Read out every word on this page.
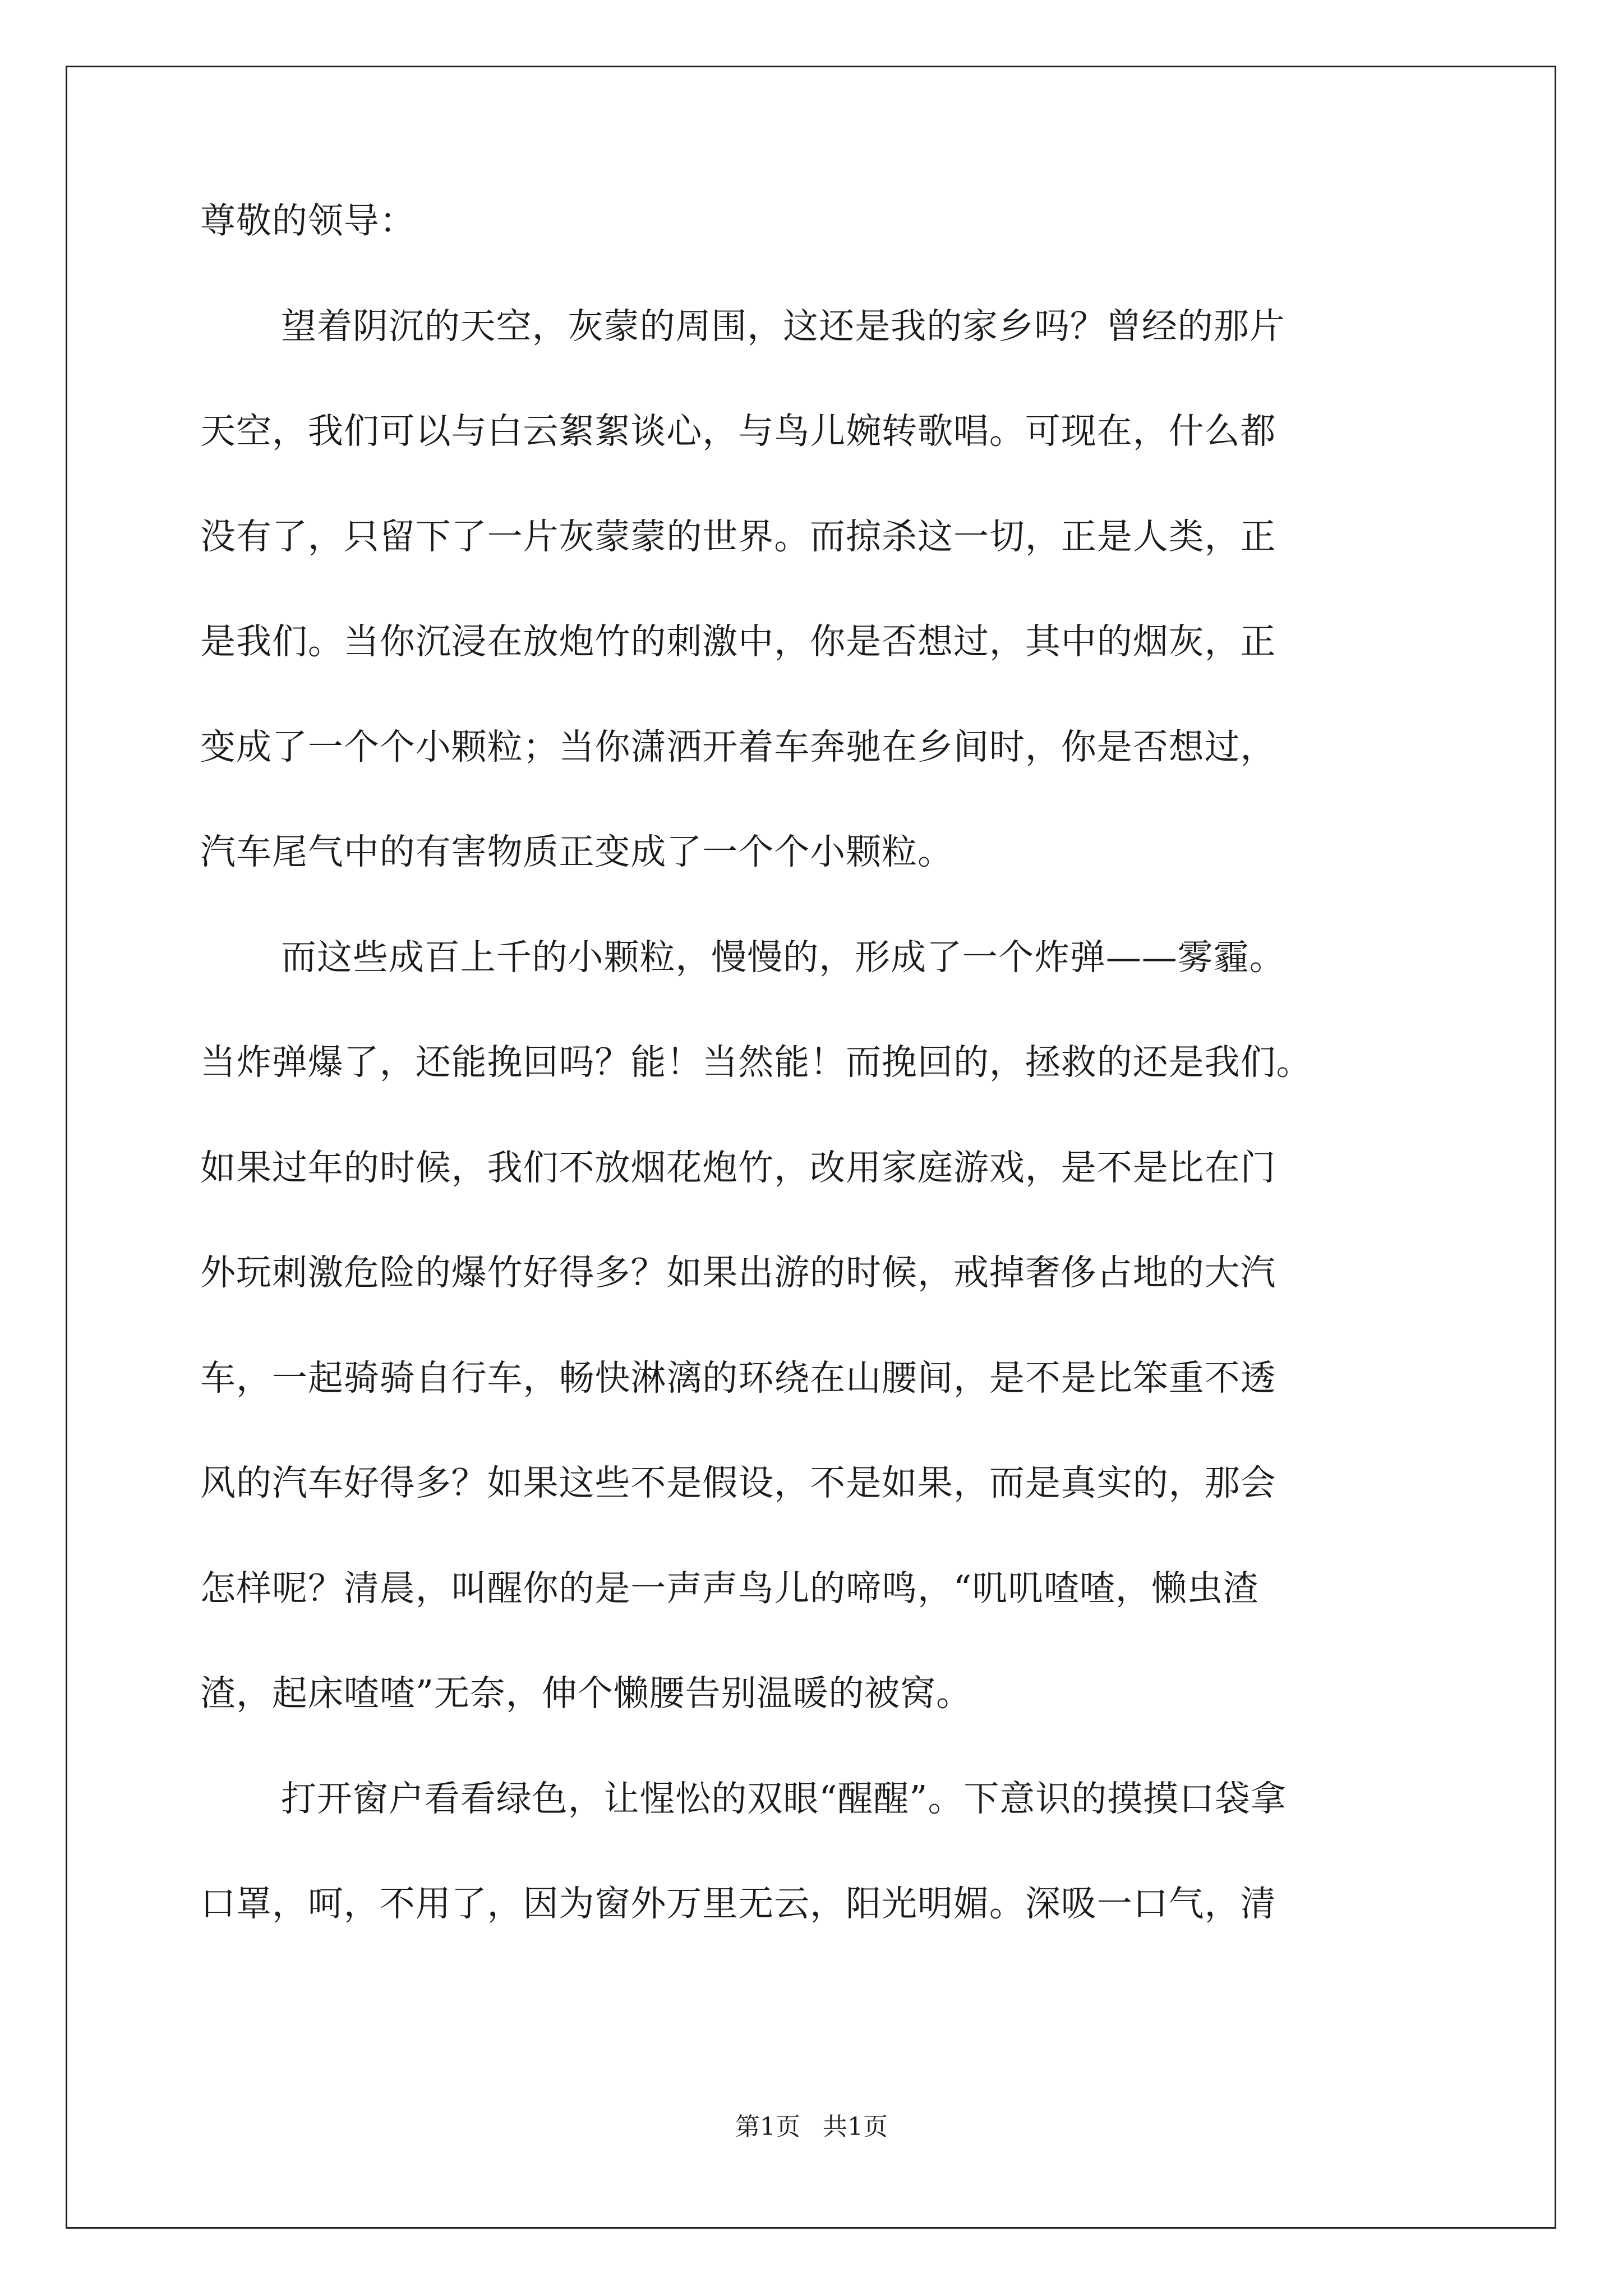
尊敬的领导：
望着阴沉的天空，灰蒙的周围，这还是我的家乡吗？曾经的那片
天空，我们可以与白云絮絮谈心，与鸟儿婉转歌唱。可现在，什么都
没有了，只留下了一片灰蒙蒙的世界。而掠杀这一切，正是人类，正
是我们。当你沉浸在放炮竹的刺激中，你是否想过，其中的烟灰，正
变成了一个个小颗粒；当你潇洒开着车奔驰在乡间时，你是否想过，
汽车尾气中的有害物质正变成了一个个小颗粒。
而这些成百上千的小颗粒，慢慢的，形成了一个炸弹——雾霾。
当炸弹爆了，还能挽回吗？能！当然能！而挽回的，拯救的还是我们。
如果过年的时候，我们不放烟花炮竹，改用家庭游戏，是不是比在门
外玩刺激危险的爆竹好得多？如果出游的时候，戒掉奢侈占地的大汽
车，一起骑骑自行车，畅快淋漓的环绕在山腰间，是不是比笨重不透
风的汽车好得多？如果这些不是假设，不是如果，而是真实的，那会
怎样呢？清晨，叫醒你的是一声声鸟儿的啼鸣，“叽叽喳喳，懒虫渣
渣，起床喳喳”无奈，伸个懒腰告别温暖的被窝。
打开窗户看看绿色，让惺忪的双眼“醒醒”。下意识的摸摸口袋拿
口罩，呵，不用了，因为窗外万里无云，阳光明媚。深吸一口气，清
第1页 共1页
